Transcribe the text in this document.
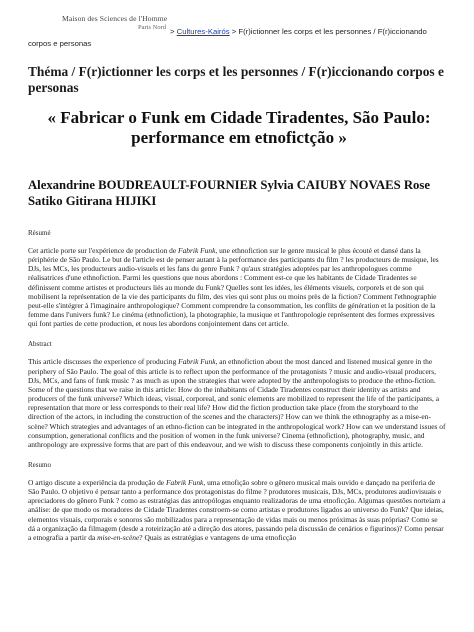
Maison des Sciences de l'Homme
Paris Nord > Cultures-Kairós > F(r)ictionner les corps et les personnes / F(r)iccionando
corpos e personas
Théma / F(r)ictionner les corps et les personnes / F(r)iccionando corpos e personas
« Fabricar o Funk em Cidade Tiradentes, São Paulo: performance em etnofictção »
Alexandrine BOUDREAULT-FOURNIER Sylvia CAIUBY NOVAES Rose Satiko Gitirana HIJIKI
Résumé

Cet article porte sur l'expérience de production de Fabrik Funk, une ethnofiction sur le genre musical le plus écouté et dansé dans la périphérie de São Paulo. Le but de l'article est de penser autant à la performance des participants du film ? les producteurs de musique, les DJs, les MCs, les producteurs audio-visuels et les fans du genre Funk ? qu'aux stratégies adoptées par les anthropologues comme réalisatrices d'une ethnofiction. Parmi les questions que nous abordons : Comment est-ce que les habitants de Cidade Tiradentes se définissent comme artistes et producteurs liés au monde du Funk? Quelles sont les idées, les éléments visuels, corporels et de son qui mobilisent la représentation de la vie des participants du film, des vies qui sont plus ou moins près de la fiction? Comment l'ethnographie peut-elle s'intégrer à l'imaginaire anthropologique? Comment comprendre la consommation, les conflits de génération et la position de la femme dans l'univers funk? Le cinéma (ethnofiction), la photographie, la musique et l'anthropologie représentent des formes expressives qui font parties de cette production, et nous les abordons conjointement dans cet article.

Abstract

This article discusses the experience of producing Fabrik Funk, an ethnofiction about the most danced and listened musical genre in the periphery of São Paulo. The goal of this article is to reflect upon the performance of the protagonists ? music and audio-visual producers, DJs, MCs, and fans of funk music ? as much as upon the strategies that were adopted by the anthropologists to produce the ethno-fiction. Some of the questions that we raise in this article: How do the inhabitants of Cidade Tiradentes construct their identity as artists and producers of the funk universe? Which ideas, visual, corporeal, and sonic elements are mobilized to represent the life of the participants, a representation that more or less corresponds to their real life? How did the fiction production take place (from the storyboard to the direction of the actors, in including the construction of the scenes and the characters)? How can we think the ethnography as a mise-en-scène? Which strategies and advantages of an ethno-fiction can be integrated in the anthropological work? How can we understand issues of consumption, generational conflicts and the position of women in the funk universe? Cinema (ethnofiction), photography, music, and anthropology are expressive forms that are part of this endeavour, and we wish to discuss these components conjointly in this article.

Resumo

O artigo discute a experiência da produção de Fabrik Funk, uma etnofição sobre o gênero musical mais ouvido e dançado na periferia de São Paulo. O objetivo é pensar tanto a performance dos protagonistas do filme ? produtores musicais, DJs, MCs, produtores audiovisuais e apreciadores do gênero Funk ? como as estratégias das antropólogas enquanto realizadoras de uma etnoficção. Algumas questões norteiam a análise: de que modo os moradores de Cidade Tiradentes constroem-se como artistas e produtores ligados ao universo do Funk? Que ideias, elementos visuais, corporais e sonoros são mobilizados para a representação de vidas mais ou menos próximas às suas próprias? Como se dá a organização da filmagem (desde a roteirização até a direção dos atores, passando pela discussão de cenários e figurinos)? Como pensar a etnografia a partir da mise-en-scène? Quais as estratégias e vantagens de uma etnoficção
